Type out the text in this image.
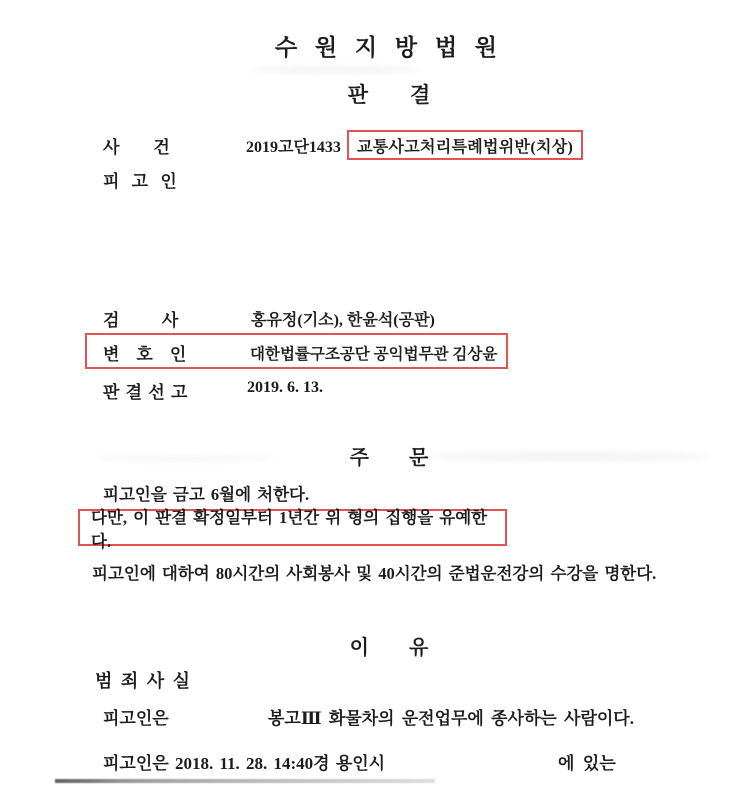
수 원 지 방 법 원
판        결
사        건	2019고단1433 교통사고처리특례법위반(치상)
피 고 인
검          사	홍유정(기소), 한윤석(공판)
변    호    인	대한법률구조공단 공익법무관 김상윤
판 결 선 고	2019. 6. 13.
주        문
피고인을 금고 6월에 처한다.
다만, 이 판결 확정일부터 1년간 위 형의 집행을 유예한다.
피고인에 대하여 80시간의 사회봉사 및 40시간의 준법운전강의 수강을 명한다.
이        유
범 죄 사 실
피고인은	봉고Ⅲ 화물차의 운전업무에 종사하는 사람이다.
피고인은 2018. 11. 28. 14:40경 용인시	에  있는
